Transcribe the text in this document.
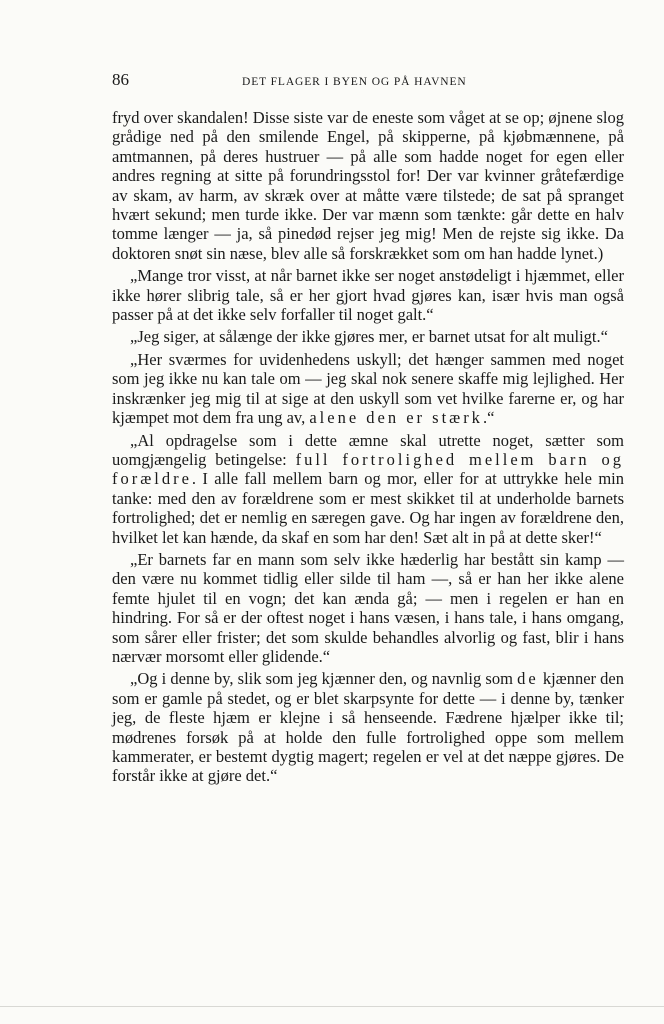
86	DET FLAGER I BYEN OG PÅ HAVNEN

fryd over skandalen! Disse siste var de eneste som våget at se op; øjnene slog grådige ned på den smilende Engel, på skipperne, på kjøbmænnene, på amtmannen, på deres hustruer — på alle som hadde noget for egen eller andres regning at sitte på forundringsstol for! Der var kvinner gråtefærdige av skam, av harm, av skræk over at måtte være tilstede; de sat på spranget hvært sekund; men turde ikke. Der var mænn som tænkte: går dette en halv tomme længer — ja, så pinedød rejser jeg mig! Men de rejste sig ikke. Da doktoren snøt sin næse, blev alle så forskrækket som om han hadde lynet.)

„Mange tror visst, at når barnet ikke ser noget anstødeligt i hjæmmet, eller ikke hører slibrig tale, så er her gjort hvad gjøres kan, især hvis man også passer på at det ikke selv forfaller til noget galt.“

„Jeg siger, at sålænge der ikke gjøres mer, er barnet utsat for alt muligt.“

„Her sværmes for uvidenhedens uskyll; det hænger sammen med noget som jeg ikke nu kan tale om — jeg skal nok senere skaffe mig lejlighed. Her inskrænker jeg mig til at sige at den uskyll som vet hvilke farerne er, og har kjæmpet mot dem fra ung av, alene den er stærk.“

„Al opdragelse som i dette æmne skal utrette noget, sætter som uomgjængelig betingelse: full fortrolighed mellem barn og forældre. I alle fall mellem barn og mor, eller for at uttrykke hele min tanke: med den av forældrene som er mest skikket til at underholde barnets fortrolighed; det er nemlig en særegen gave. Og har ingen av forældrene den, hvilket let kan hænde, da skaf en som har den! Sæt alt in på at dette sker!“

„Er barnets far en mann som selv ikke hæderlig har bestått sin kamp — den være nu kommet tidlig eller silde til ham —, så er han her ikke alene femte hjulet til en vogn; det kan ænda gå; — men i regelen er han en hindring. For så er der oftest noget i hans væsen, i hans tale, i hans omgang, som sårer eller frister; det som skulde behandles alvorlig og fast, blir i hans nærvær morsomt eller glidende.“

„Og i denne by, slik som jeg kjænner den, og navnlig som de kjænner den som er gamle på stedet, og er blet skarpsynte for dette — i denne by, tænker jeg, de fleste hjæm er klejne i så henseende. Fædrene hjælper ikke til; mødrenes forsøk på at holde den fulle fortrolighed oppe som mellem kammerater, er bestemt dygtig magert; regelen er vel at det næppe gjøres. De forstår ikke at gjøre det.“
